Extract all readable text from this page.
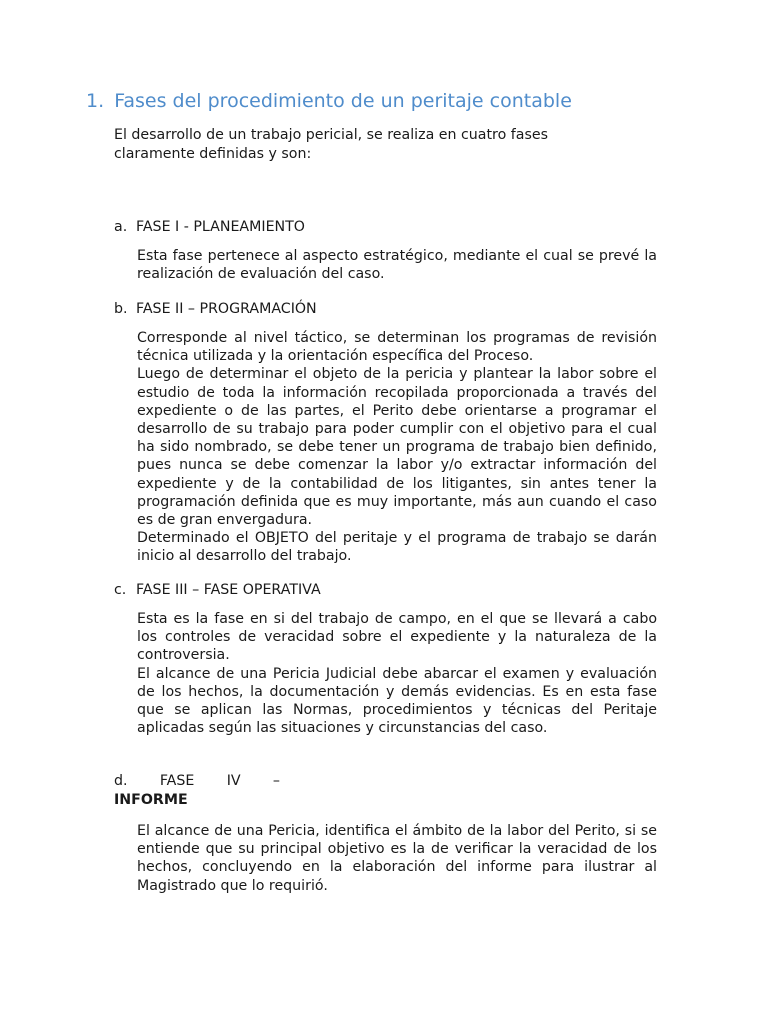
1. Fases del procedimiento de un peritaje contable
El desarrollo de un trabajo pericial, se realiza en cuatro fases claramente definidas y son:
a. FASE I - PLANEAMIENTO

Esta fase pertenece al aspecto estratégico, mediante el cual se prevé la realización de evaluación del caso.

b. FASE II – PROGRAMACIÓN

Corresponde al nivel táctico, se determinan los programas de revisión técnica utilizada y la orientación específica del Proceso.

Luego de determinar el objeto de la pericia y plantear la labor sobre el estudio de toda la información recopilada proporcionada a través del expediente o de las partes, el Perito debe orientarse a programar el desarrollo de su trabajo para poder cumplir con el objetivo para el cual ha sido nombrado, se debe tener un programa de trabajo bien definido, pues nunca se debe comenzar la labor y/o extractar información del expediente y de la contabilidad de los litigantes, sin antes tener la programación definida que es muy importante, más aun cuando el caso es de gran envergadura.

Determinado el OBJETO del peritaje y el programa de trabajo se darán inicio al desarrollo del trabajo.

c. FASE III – FASE OPERATIVA

Esta es la fase en si del trabajo de campo, en el que se llevará a cabo los controles de veracidad sobre el expediente y la naturaleza de la controversia.

El alcance de una Pericia Judicial debe abarcar el examen y evaluación de los hechos, la documentación y demás evidencias. Es en esta fase que se aplican las Normas, procedimientos y técnicas del Peritaje aplicadas según las situaciones y circunstancias del caso.

d. FASE IV –
INFORME

El alcance de una Pericia, identifica el ámbito de la labor del Perito, si se entiende que su principal objetivo es la de verificar la veracidad de los hechos, concluyendo en la elaboración del informe para ilustrar al Magistrado que lo requirió.
